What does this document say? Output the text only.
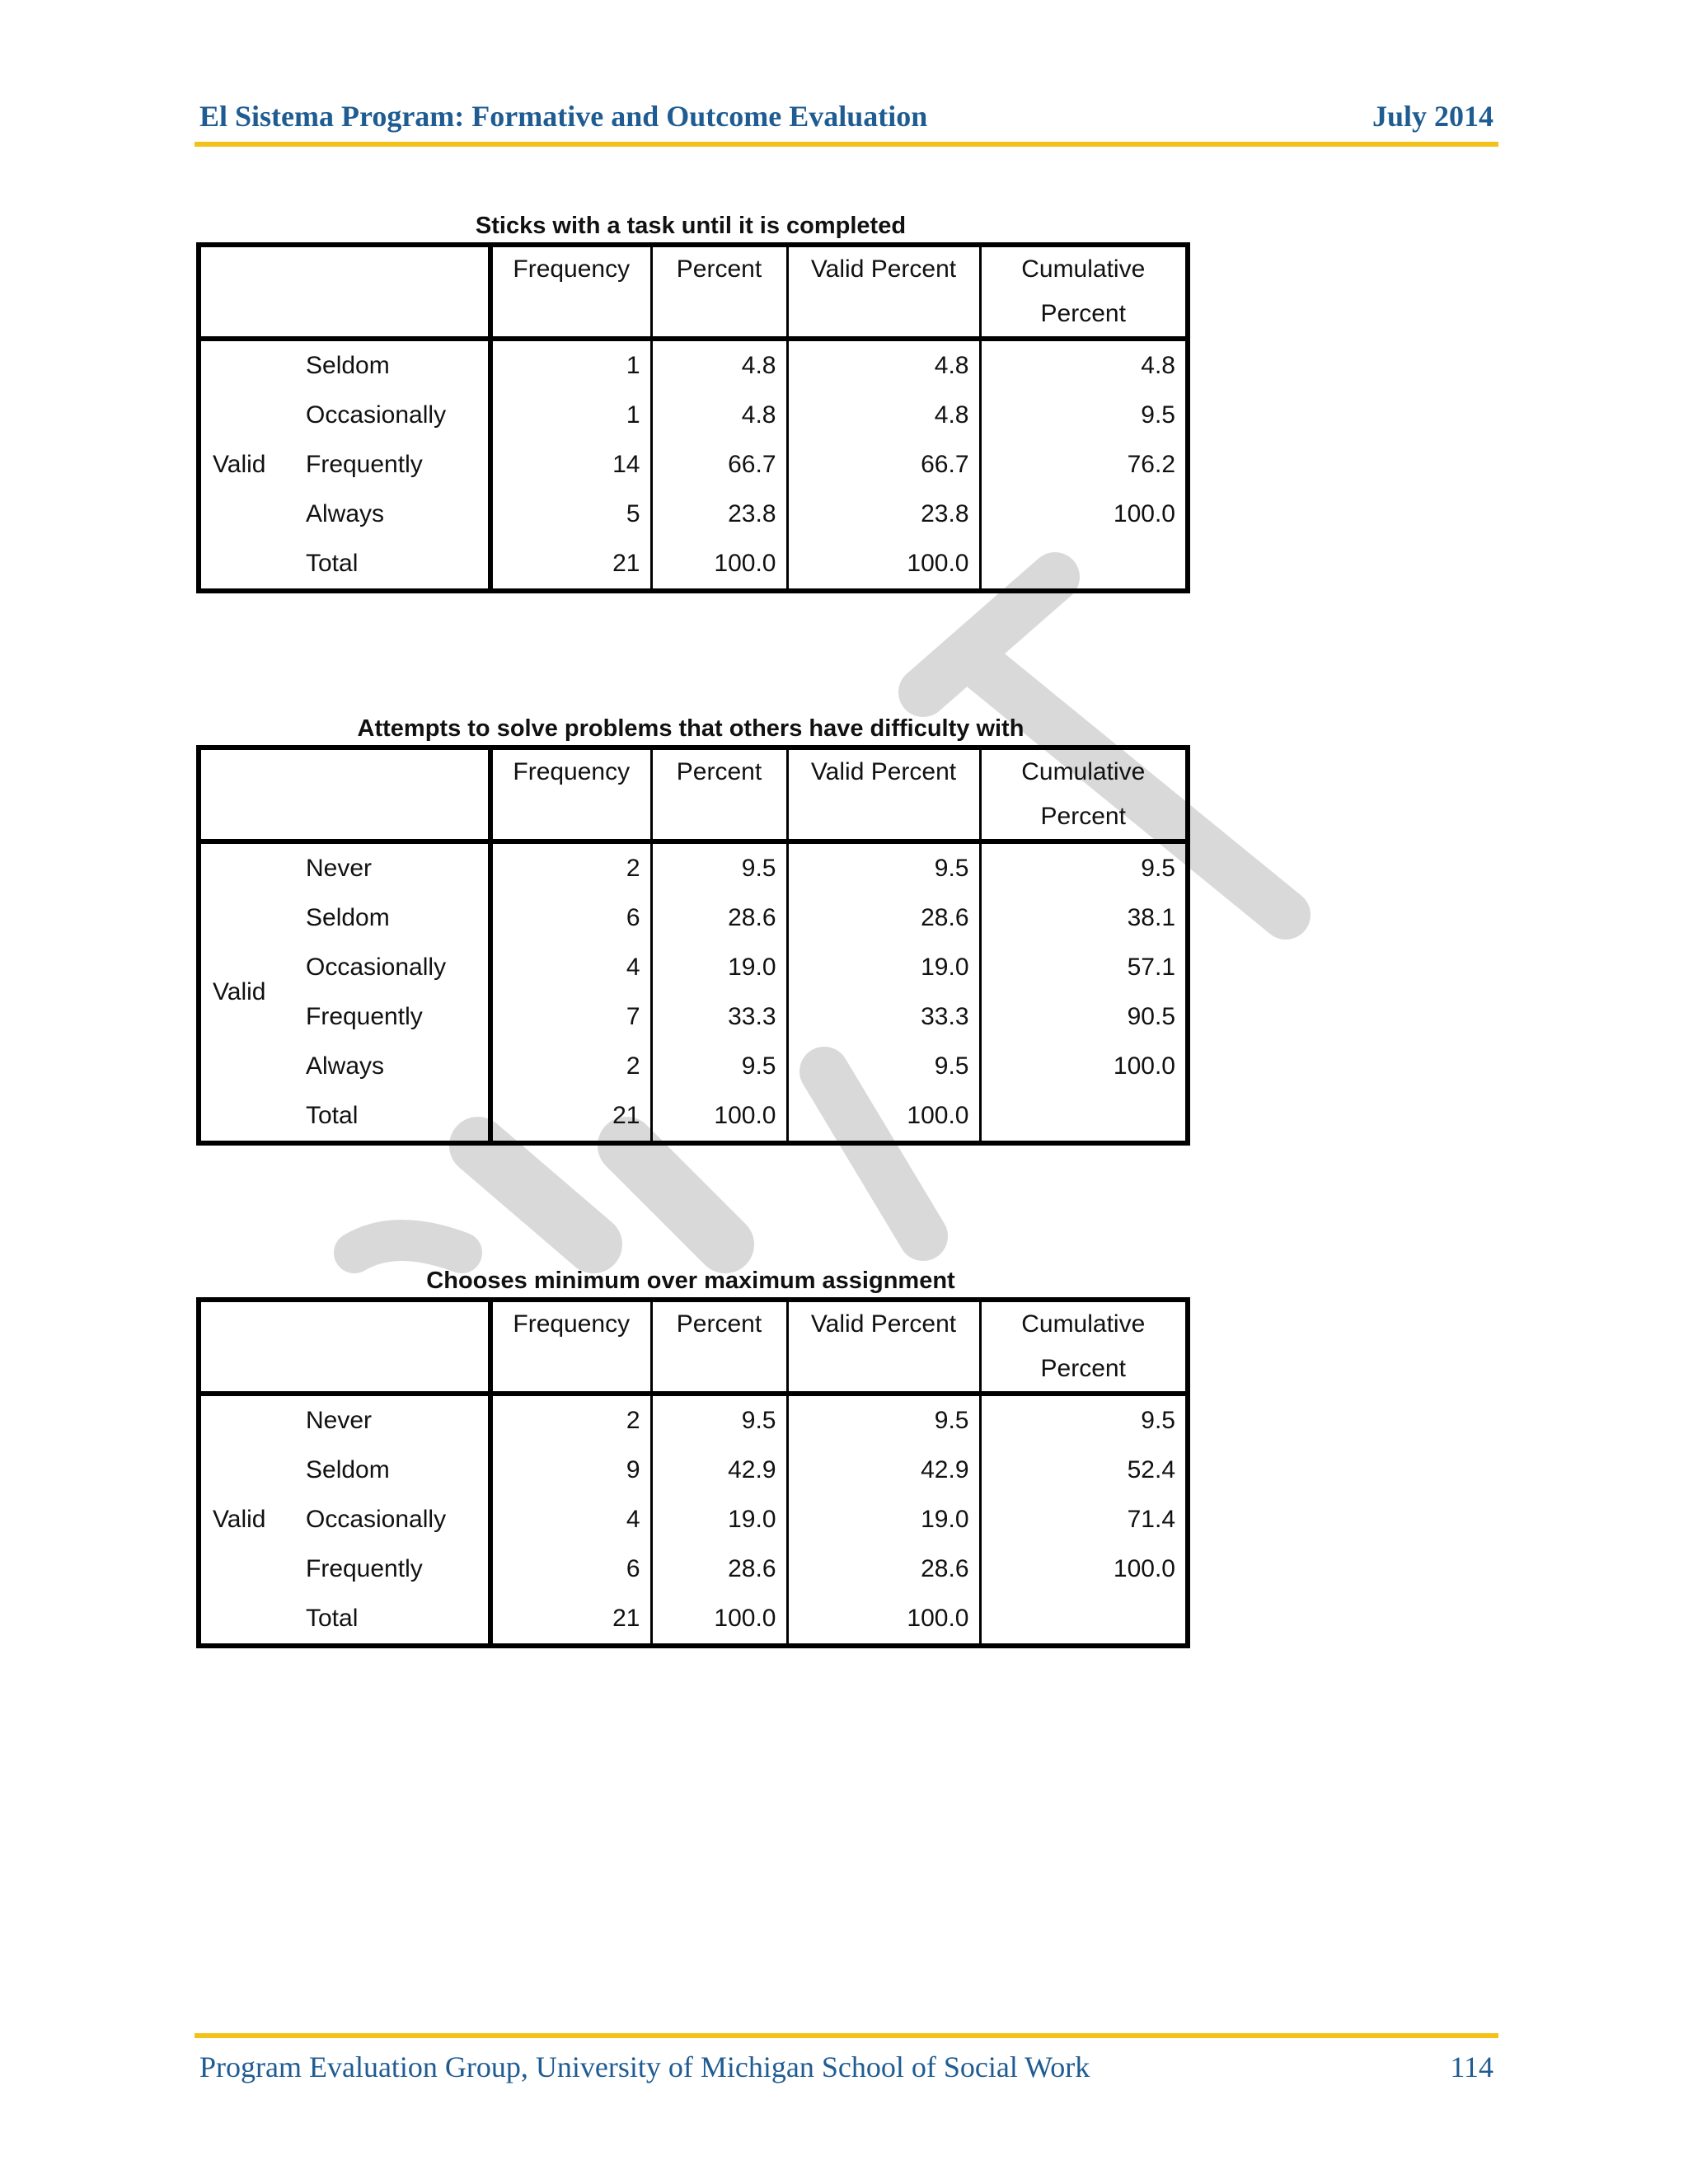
El Sistema Program: Formative and Outcome Evaluation	July 2014
Sticks with a task until it is completed
		Frequency	Percent	Valid Percent	Cumulative
Percent
Valid	Seldom	1	4.8	4.8	4.8
	Occasionally	1	4.8	4.8	9.5
	Frequently	14	66.7	66.7	76.2
	Always	5	23.8	23.8	100.0
	Total	21	100.0	100.0	
Attempts to solve problems that others have difficulty with
		Frequency	Percent	Valid Percent	Cumulative
Percent
Valid	Never	2	9.5	9.5	9.5
	Seldom	6	28.6	28.6	38.1
	Occasionally	4	19.0	19.0	57.1
	Frequently	7	33.3	33.3	90.5
	Always	2	9.5	9.5	100.0
	Total	21	100.0	100.0	
Chooses minimum over maximum assignment
		Frequency	Percent	Valid Percent	Cumulative
Percent
Valid	Never	2	9.5	9.5	9.5
	Seldom	9	42.9	42.9	52.4
	Occasionally	4	19.0	19.0	71.4
	Frequently	6	28.6	28.6	100.0
	Total	21	100.0	100.0	
Program Evaluation Group, University of Michigan School of Social Work	114
